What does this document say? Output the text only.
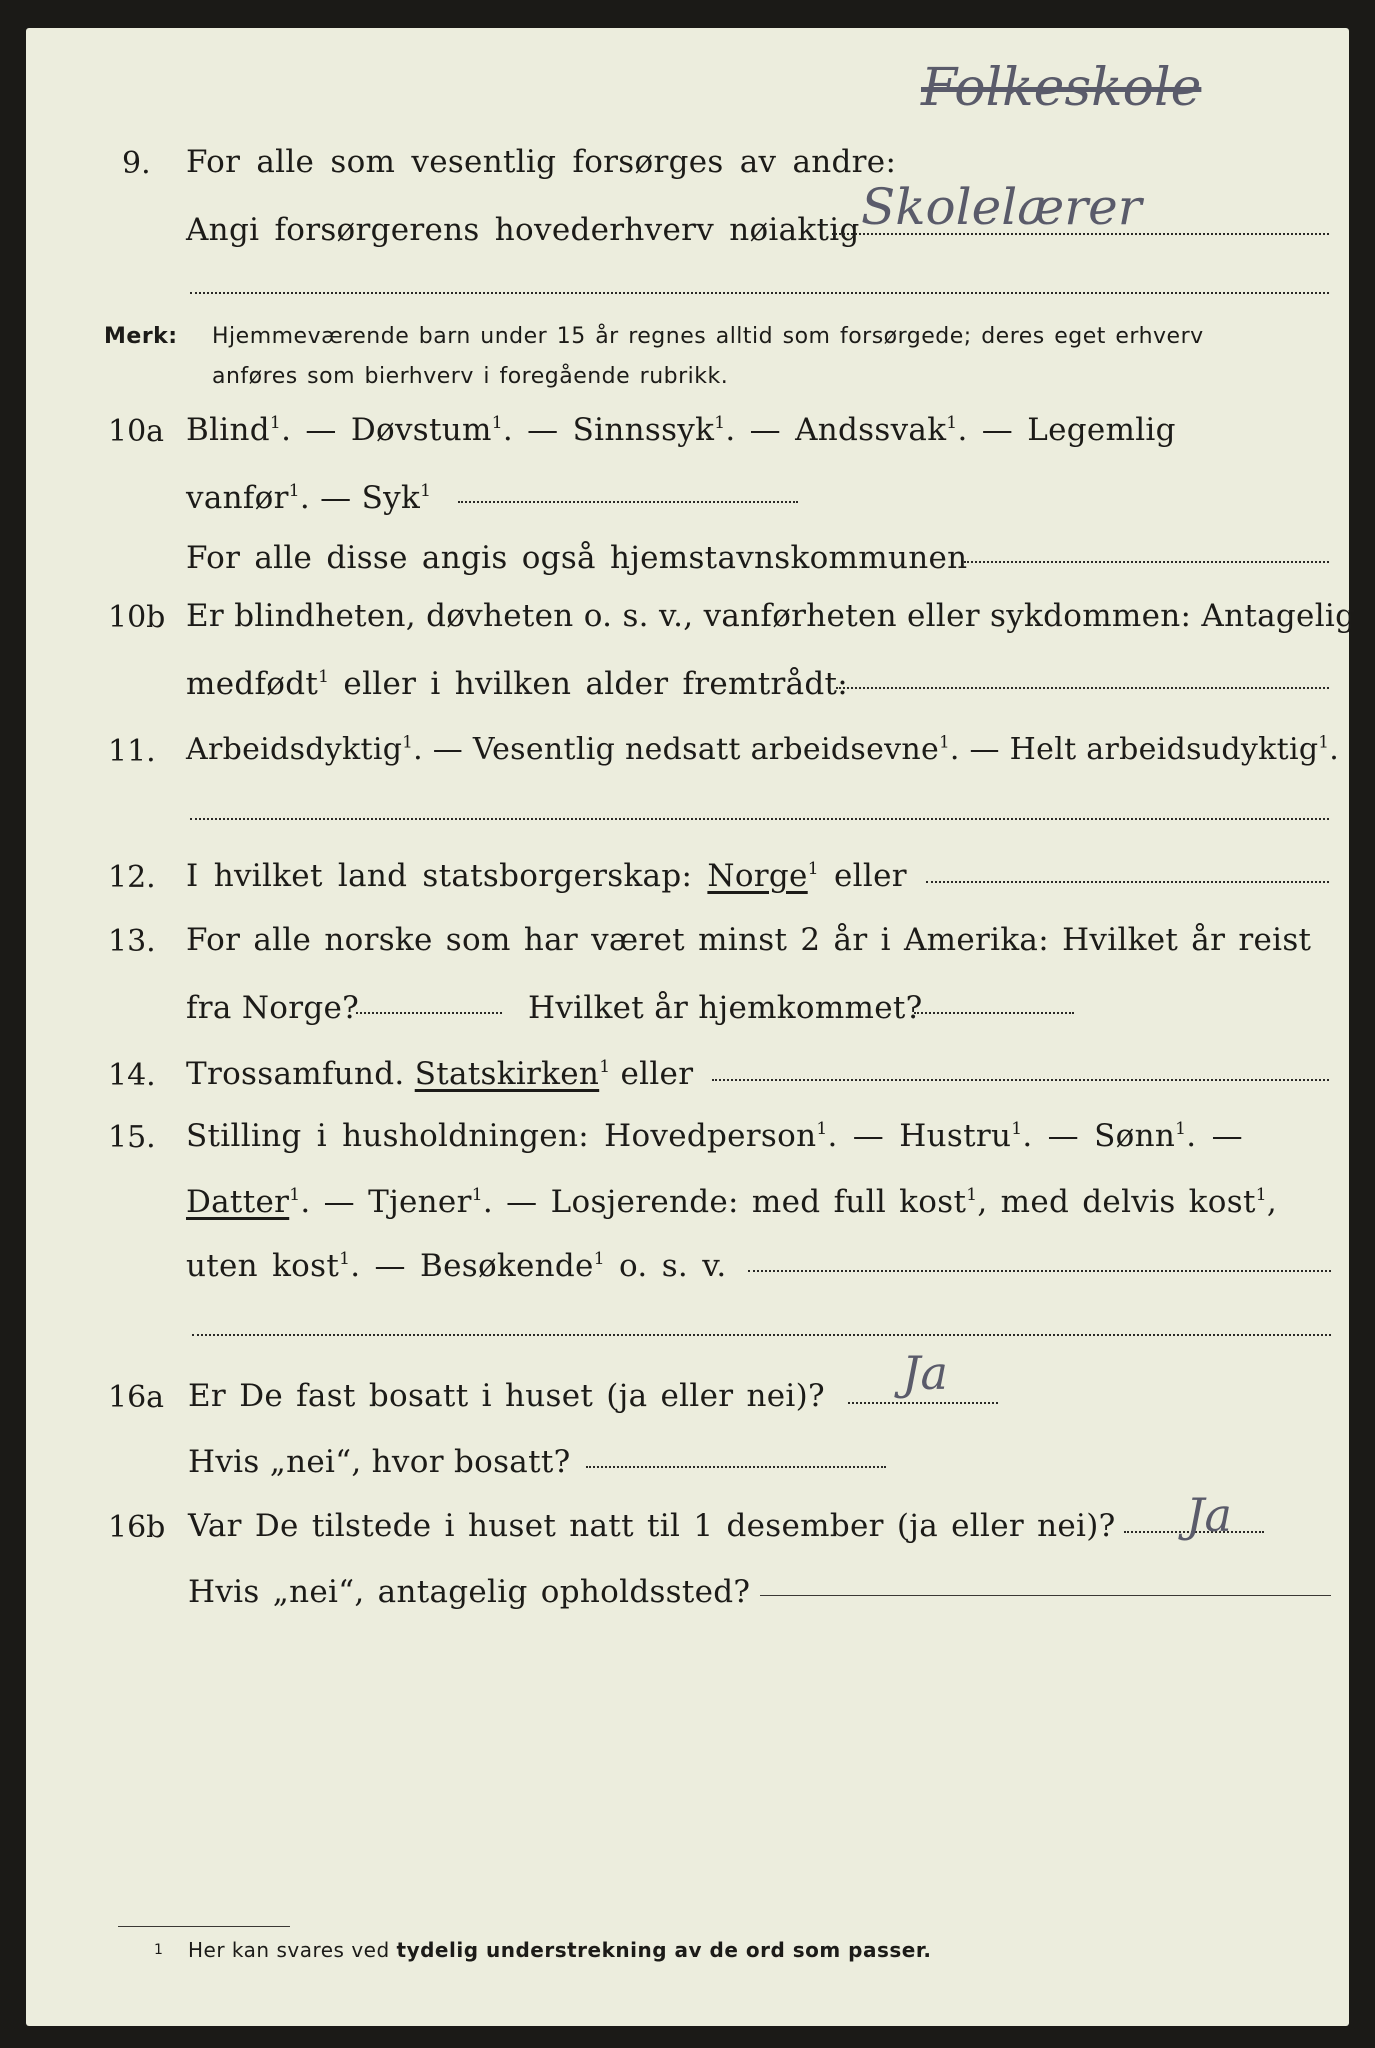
Folkeskole
9. For alle som vesentlig forsørges av andre:
Angi forsørgerens hovederhverv nøiaktig Skolelærer
Merk: Hjemmeværende barn under 15 år regnes alltid som forsørgede; deres eget erhverv
anføres som bierhverv i foregående rubrikk.
10a Blind$^1$. — Døvstum$^1$. — Sinnssyk$^1$. — Andssvak$^1$. — Legemlig
vanfør$^1$. — Syk$^1$
For alle disse angis også hjemstavnskommunen
10b Er blindheten, døvheten o. s. v., vanførheten eller sykdommen: Antagelig
medfødt$^1$ eller i hvilken alder fremtrådt:
11. Arbeidsdyktig$^1$. — Vesentlig nedsatt arbeidsevne$^1$. — Helt arbeidsudyktig$^1$.
12. I hvilket land statsborgerskap: Norge$^1$ eller
13. For alle norske som har været minst 2 år i Amerika: Hvilket år reist
fra Norge?	Hvilket år hjemkommet?
14. Trossamfund. Statskirken$^1$ eller
15. Stilling i husholdningen: Hovedperson$^1$. — Hustru$^1$. — Sønn$^1$. —
Datter$^1$. — Tjener$^1$. — Losjerende: med full kost$^1$, med delvis kost$^1$,
uten kost$^1$. — Besøkende$^1$ o. s. v.
16a Er De fast bosatt i huset (ja eller nei)? Ja
Hvis „nei“, hvor bosatt?
16b Var De tilstede i huset natt til 1 desember (ja eller nei)? Ja
Hvis „nei“, antagelig opholdssted?
1 Her kan svares ved tydelig understrekning av de ord som passer.
